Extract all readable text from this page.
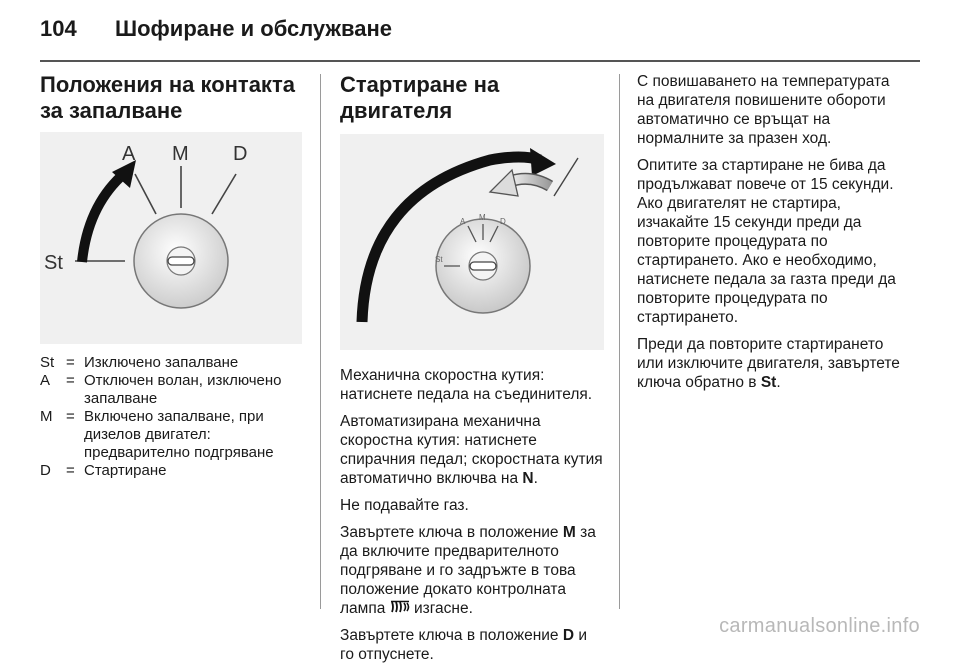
104	Шофиране и обслужване
Положения на контакта за запалване
A M D
St
St = Изключено запалване
A	= Отключен волан, изключено запалване
M = Включено запалване, при дизелов двигател: предварително подгряване
D	= Стартиране
Стартиране на двигателя
A M D
St

Механична скоростна кутия: натиснете педала на съединителя.

Автоматизирана механична скоростна кутия: натиснете спирачния педал; скоростната кутия автоматично включва на N.

Не подавайте газ.

Завъртете ключа в положение M за да включите предварителното подгряване и го задръжте в това положение докато контролната лампа  изгасне.

Завъртете ключа в положение D и го отпуснете.

С повишаването на температурата на двигателя повишените обороти автоматично се връщат на нормалните за празен ход.

Опитите за стартиране не бива да продължават повече от 15 секунди. Ако двигателят не стартира, изчакайте 15 секунди преди да повторите процедурата по стартирането. Ако е необходимо, натиснете педала за газта преди да повторите процедурата по стартирането.

Преди да повторите стартирането или изключите двигателя, завъртете ключа обратно в St.

carmanualsonline.info
